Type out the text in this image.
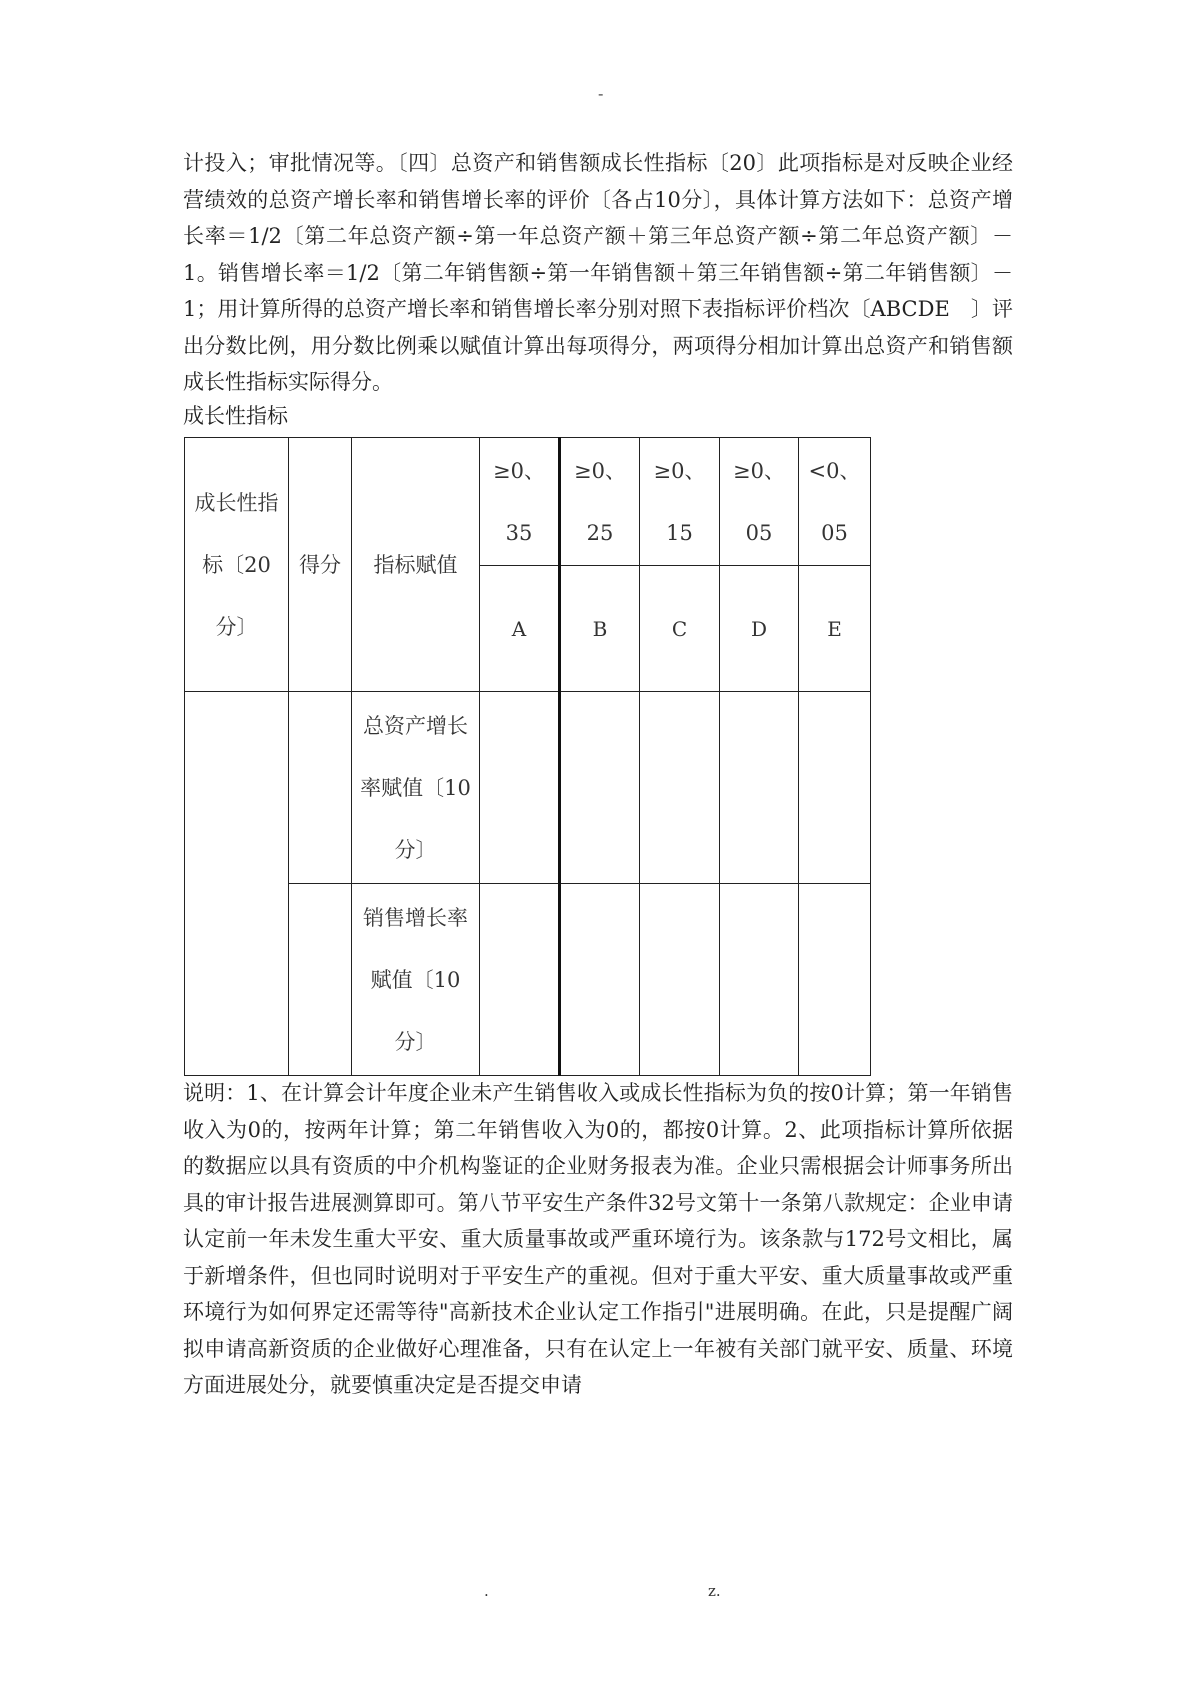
-

计投入；审批情况等。〔四〕总资产和销售额成长性指标〔20〕此项指标是对反映企业经营绩效的总资产增长率和销售增长率的评价〔各占10分〕，具体计算方法如下：总资产增长率＝1/2〔第二年总资产额÷第一年总资产额＋第三年总资产额÷第二年总资产额〕－1。销售增长率＝1/2〔第二年销售额÷第一年销售额＋第三年销售额÷第二年销售额〕－1；用计算所得的总资产增长率和销售增长率分别对照下表指标评价档次〔ABCDE　〕评出分数比例，用分数比例乘以赋值计算出每项得分，两项得分相加计算出总资产和销售额成长性指标实际得分。

成长性指标

成长性指标〔20分〕	得分	指标赋值	≥0、35	≥0、25	≥0、15	≥0、05	<0、05
			A	B	C	D	E
		总资产增长率赋值〔10分〕					
		销售增长率赋值〔10分〕					

说明：1、在计算会计年度企业未产生销售收入或成长性指标为负的按0计算；第一年销售收入为0的，按两年计算；第二年销售收入为0的，都按0计算。2、此项指标计算所依据的数据应以具有资质的中介机构鉴证的企业财务报表为准。企业只需根据会计师事务所出具的审计报告进展测算即可。第八节平安生产条件32号文第十一条第八款规定：企业申请认定前一年未发生重大平安、重大质量事故或严重环境行为。该条款与172号文相比，属于新增条件，但也同时说明对于平安生产的重视。但对于重大平安、重大质量事故或严重环境行为如何界定还需等待"高新技术企业认定工作指引"进展明确。在此，只是提醒广阔拟申请高新资质的企业做好心理准备，只有在认定上一年被有关部门就平安、质量、环境方面进展处分，就要慎重决定是否提交申请

.	z.
